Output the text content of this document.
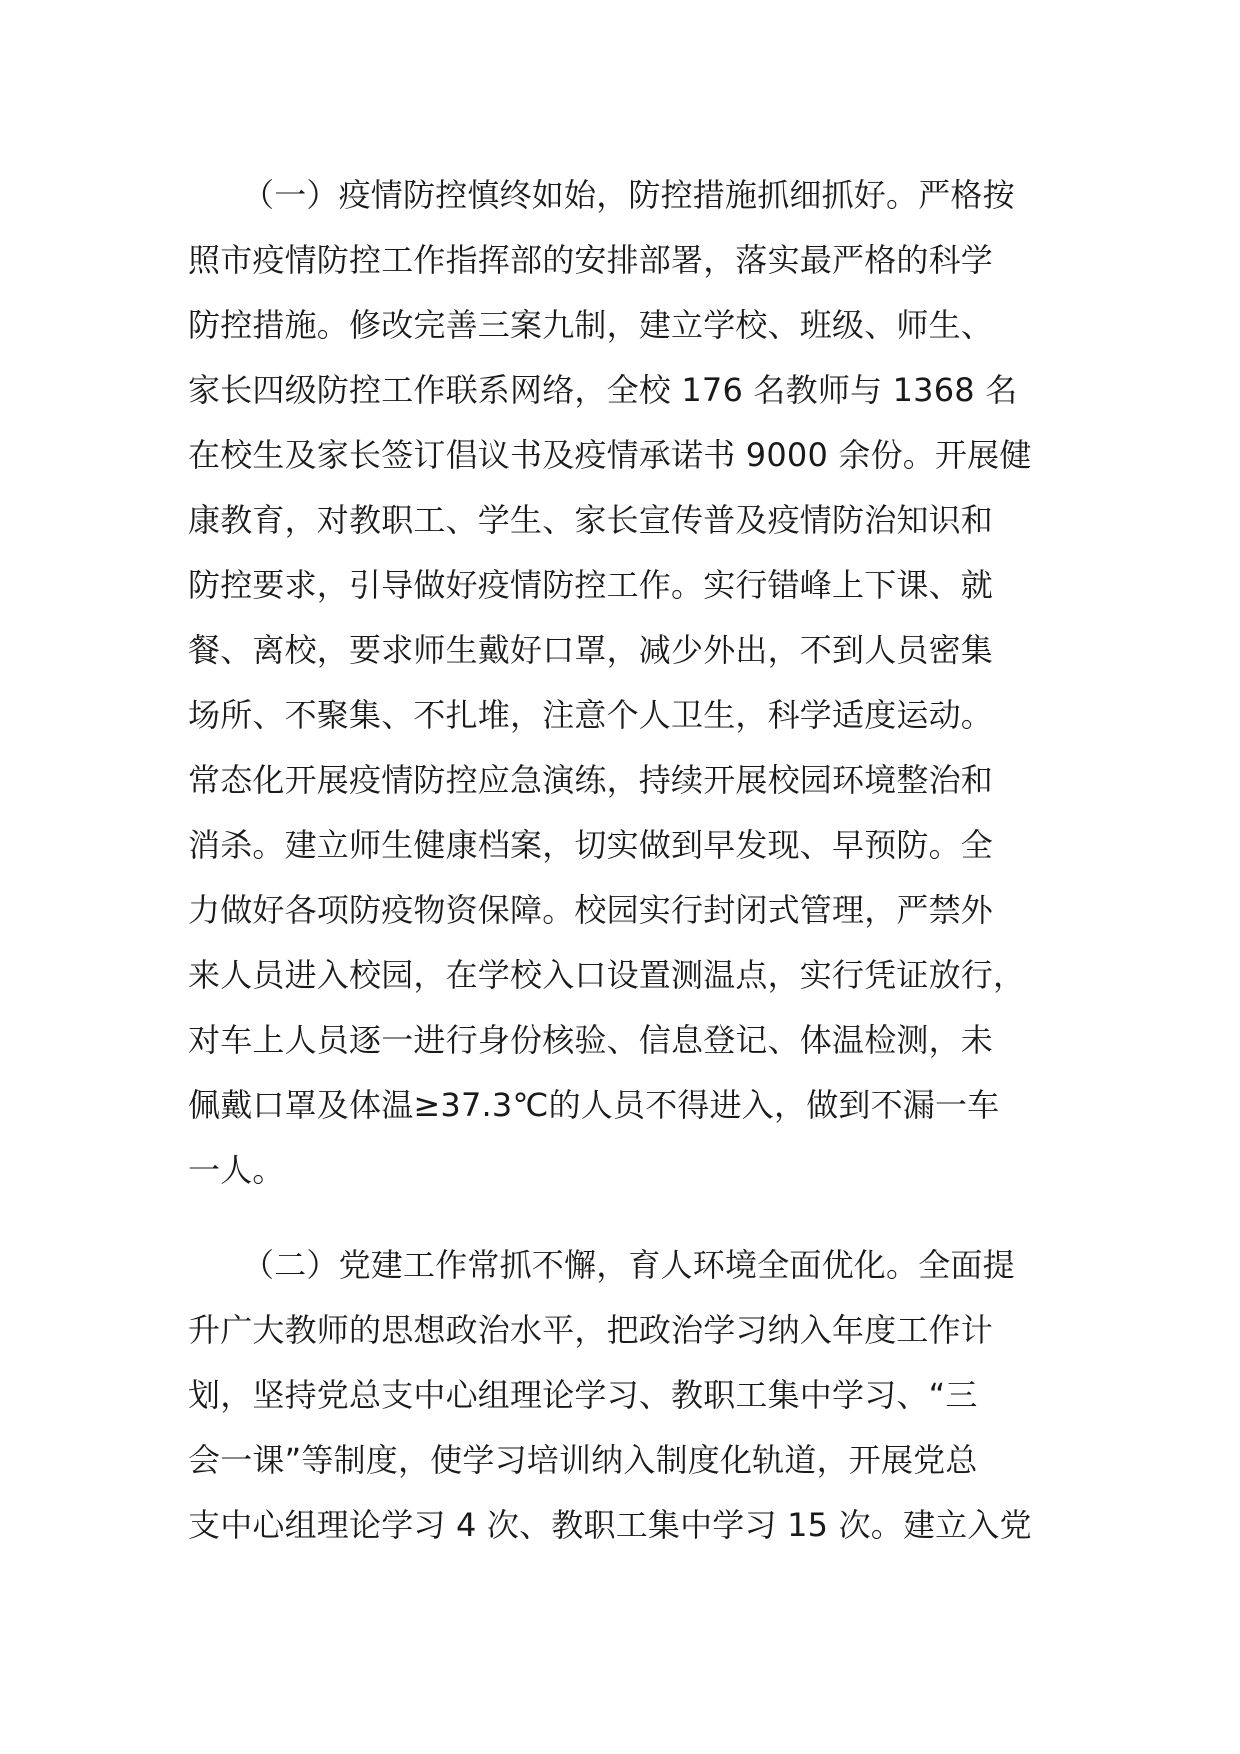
（一）疫情防控慎终如始，防控措施抓细抓好。严格按
照市疫情防控工作指挥部的安排部署，落实最严格的科学
防控措施。修改完善三案九制，建立学校、班级、师生、
家长四级防控工作联系网络，全校 176 名教师与 1368 名
在校生及家长签订倡议书及疫情承诺书 9000 余份。开展健
康教育，对教职工、学生、家长宣传普及疫情防治知识和
防控要求，引导做好疫情防控工作。实行错峰上下课、就
餐、离校，要求师生戴好口罩，减少外出，不到人员密集
场所、不聚集、不扎堆，注意个人卫生，科学适度运动。
常态化开展疫情防控应急演练，持续开展校园环境整治和
消杀。建立师生健康档案，切实做到早发现、早预防。全
力做好各项防疫物资保障。校园实行封闭式管理，严禁外
来人员进入校园，在学校入口设置测温点，实行凭证放行，
对车上人员逐一进行身份核验、信息登记、体温检测，未
佩戴口罩及体温≥37.3℃的人员不得进入，做到不漏一车
一人。
（二）党建工作常抓不懈，育人环境全面优化。全面提
升广大教师的思想政治水平，把政治学习纳入年度工作计
划，坚持党总支中心组理论学习、教职工集中学习、“三
会一课”等制度，使学习培训纳入制度化轨道，开展党总
支中心组理论学习 4 次、教职工集中学习 15 次。建立入党
